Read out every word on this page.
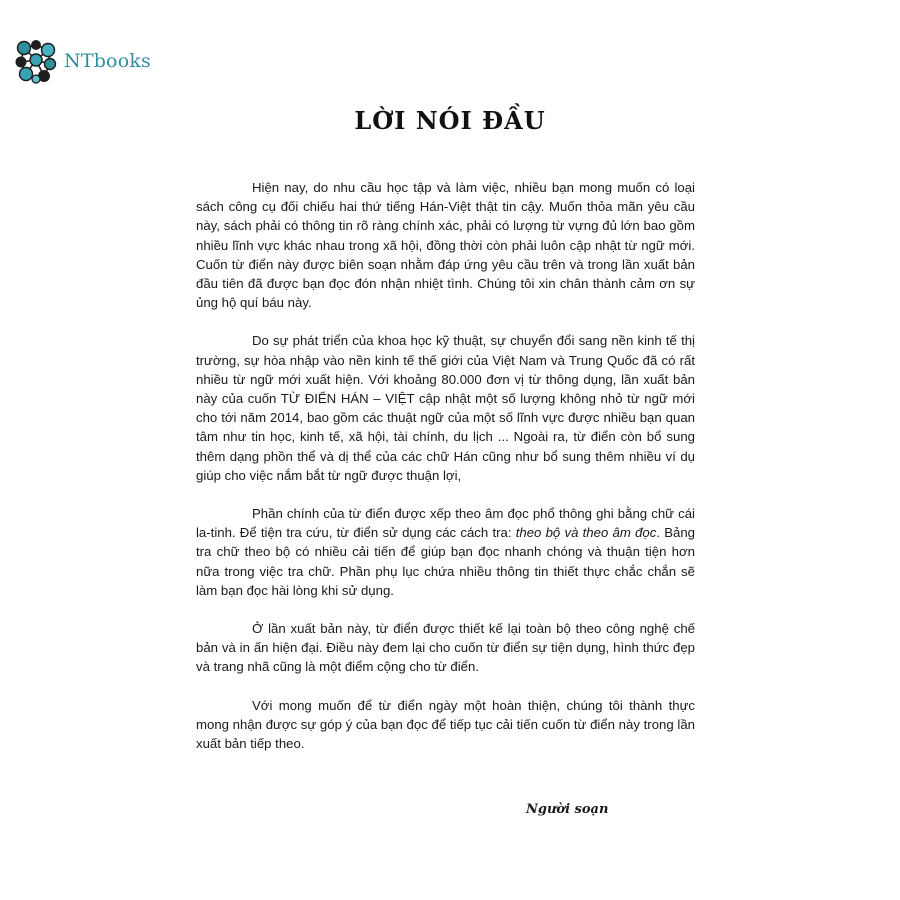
NTbooks
LỜI NÓI ĐẦU

Hiện nay, do nhu cầu học tập và làm việc, nhiều bạn mong muốn có loại sách công cụ đối chiếu hai thứ tiếng Hán-Việt thật tin cậy. Muốn thỏa mãn yêu cầu này, sách phải có thông tin rõ ràng chính xác, phải có lượng từ vựng đủ lớn bao gồm nhiều lĩnh vực khác nhau trong xã hội, đồng thời còn phải luôn cập nhật từ ngữ mới. Cuốn từ điển này được biên soạn nhằm đáp ứng yêu cầu trên và trong lần xuất bản đầu tiên đã được bạn đọc đón nhận nhiệt tình. Chúng tôi xin chân thành cảm ơn sự ủng hộ quí báu này.

Do sự phát triển của khoa học kỹ thuật, sự chuyển đổi sang nền kinh tế thị trường, sự hòa nhập vào nền kinh tế thế giới của Việt Nam và Trung Quốc đã có rất nhiều từ ngữ mới xuất hiện. Với khoảng 80.000 đơn vị từ thông dụng, lần xuất bản này của cuốn TỪ ĐIỂN HÁN – VIỆT cập nhật một số lượng không nhỏ từ ngữ mới cho tới năm 2014, bao gồm các thuật ngữ của một số lĩnh vực được nhiều bạn quan tâm như tin học, kinh tế, xã hội, tài chính, du lịch ... Ngoài ra, từ điển còn bổ sung thêm dạng phồn thể và dị thể của các chữ Hán cũng như bổ sung thêm nhiều ví dụ giúp cho việc nắm bắt từ ngữ được thuận lợi,

Phần chính của từ điển được xếp theo âm đọc phổ thông ghi bằng chữ cái la-tinh. Để tiện tra cứu, từ điển sử dụng các cách tra: theo bộ và theo âm đọc. Bảng tra chữ theo bộ có nhiều cải tiến để giúp bạn đọc nhanh chóng và thuận tiện hơn nữa trong việc tra chữ. Phần phụ lục chứa nhiều thông tin thiết thực chắc chắn sẽ làm bạn đọc hài lòng khi sử dụng.

Ở lần xuất bản này, từ điển được thiết kế lại toàn bộ theo công nghệ chế bản và in ấn hiện đại. Điều này đem lại cho cuốn từ điển sự tiện dụng, hình thức đẹp và trang nhã cũng là một điểm cộng cho từ điển.

Với mong muốn để từ điển ngày một hoàn thiện, chúng tôi thành thực mong nhận được sự góp ý của bạn đọc để tiếp tục cải tiến cuốn từ điển này trong lần xuất bản tiếp theo.

Người soạn
